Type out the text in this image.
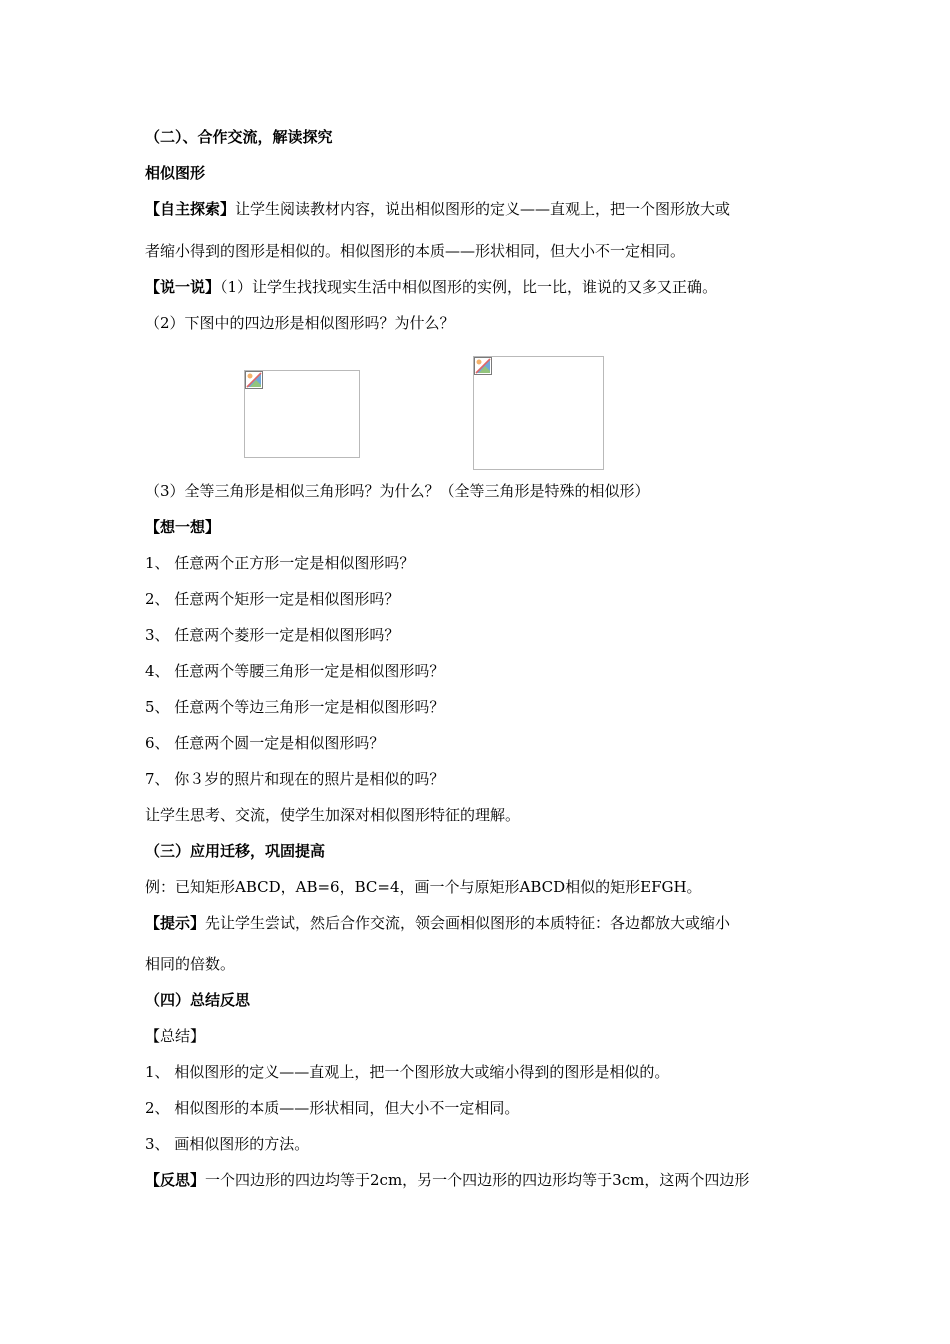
（二）、合作交流，解读探究
相似图形
【自主探索】让学生阅读教材内容，说出相似图形的定义——直观上，把一个图形放大或
者缩小得到的图形是相似的。相似图形的本质——形状相同，但大小不一定相同。
【说一说】（1）让学生找找现实生活中相似图形的实例，比一比，谁说的又多又正确。
（2）下图中的四边形是相似图形吗？为什么？
（3）全等三角形是相似三角形吗？为什么？（全等三角形是特殊的相似形）
【想一想】
1、 任意两个正方形一定是相似图形吗？
2、 任意两个矩形一定是相似图形吗？
3、 任意两个菱形一定是相似图形吗？
4、 任意两个等腰三角形一定是相似图形吗？
5、 任意两个等边三角形一定是相似图形吗？
6、 任意两个圆一定是相似图形吗？
7、 你３岁的照片和现在的照片是相似的吗？
让学生思考、交流，使学生加深对相似图形特征的理解。
（三）应用迁移，巩固提高
例：已知矩形ABCD，AB=6，BC=4，画一个与原矩形ABCD相似的矩形EFGH。
【提示】先让学生尝试，然后合作交流，领会画相似图形的本质特征：各边都放大或缩小
相同的倍数。
（四）总结反思
【总结】
1、 相似图形的定义——直观上，把一个图形放大或缩小得到的图形是相似的。
2、 相似图形的本质——形状相同，但大小不一定相同。
3、 画相似图形的方法。
【反思】一个四边形的四边均等于2cm，另一个四边形的四边形均等于3cm，这两个四边形
